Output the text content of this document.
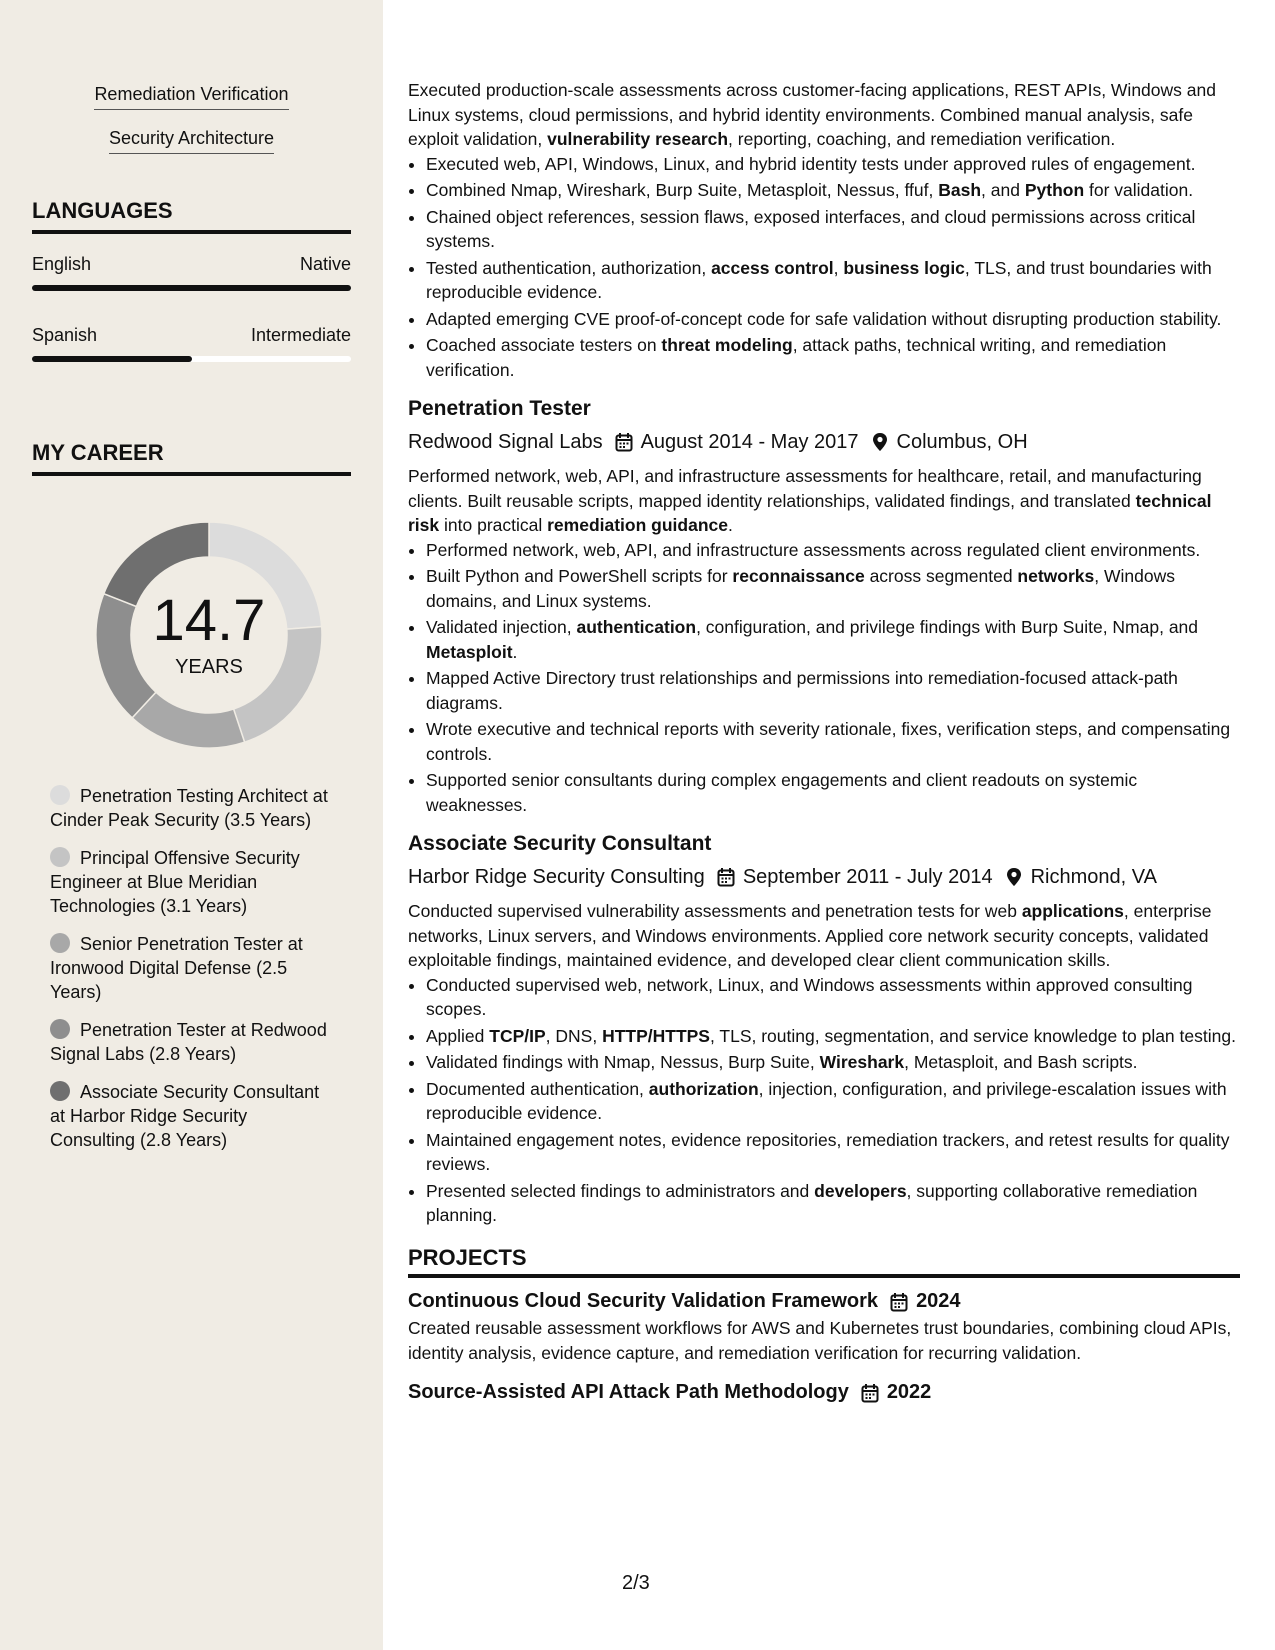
Remediation Verification
Security Architecture
LANGUAGES
English	Native
Spanish	Intermediate
MY CAREER
14.7
YEARS
Penetration Testing Architect at Cinder Peak Security (3.5 Years)
Principal Offensive Security Engineer at Blue Meridian Technologies (3.1 Years)
Senior Penetration Tester at Ironwood Digital Defense (2.5 Years)
Penetration Tester at Redwood Signal Labs (2.8 Years)
Associate Security Consultant at Harbor Ridge Security Consulting (2.8 Years)

Executed production-scale assessments across customer-facing applications, REST APIs, Windows and Linux systems, cloud permissions, and hybrid identity environments. Combined manual analysis, safe exploit validation, vulnerability research, reporting, coaching, and remediation verification.

• Executed web, API, Windows, Linux, and hybrid identity tests under approved rules of engagement.
• Combined Nmap, Wireshark, Burp Suite, Metasploit, Nessus, ffuf, Bash, and Python for validation.
• Chained object references, session flaws, exposed interfaces, and cloud permissions across critical systems.
• Tested authentication, authorization, access control, business logic, TLS, and trust boundaries with reproducible evidence.
• Adapted emerging CVE proof-of-concept code for safe validation without disrupting production stability.
• Coached associate testers on threat modeling, attack paths, technical writing, and remediation verification.
Penetration Tester
Redwood Signal Labs August 2014 - May 2017 Columbus, OH

Performed network, web, API, and infrastructure assessments for healthcare, retail, and manufacturing clients. Built reusable scripts, mapped identity relationships, validated findings, and translated technical risk into practical remediation guidance.

• Performed network, web, API, and infrastructure assessments across regulated client environments.
• Built Python and PowerShell scripts for reconnaissance across segmented networks, Windows domains, and Linux systems.
• Validated injection, authentication, configuration, and privilege findings with Burp Suite, Nmap, and Metasploit.
• Mapped Active Directory trust relationships and permissions into remediation-focused attack-path diagrams.
• Wrote executive and technical reports with severity rationale, fixes, verification steps, and compensating controls.
• Supported senior consultants during complex engagements and client readouts on systemic weaknesses.
Associate Security Consultant
Harbor Ridge Security Consulting September 2011 - July 2014 Richmond, VA

Conducted supervised vulnerability assessments and penetration tests for web applications, enterprise networks, Linux servers, and Windows environments. Applied core network security concepts, validated exploitable findings, maintained evidence, and developed clear client communication skills.

• Conducted supervised web, network, Linux, and Windows assessments within approved consulting scopes.
• Applied TCP/IP, DNS, HTTP/HTTPS, TLS, routing, segmentation, and service knowledge to plan testing.
• Validated findings with Nmap, Nessus, Burp Suite, Wireshark, Metasploit, and Bash scripts.
• Documented authentication, authorization, injection, configuration, and privilege-escalation issues with reproducible evidence.
• Maintained engagement notes, evidence repositories, remediation trackers, and retest results for quality reviews.
• Presented selected findings to administrators and developers, supporting collaborative remediation planning.
PROJECTS
Continuous Cloud Security Validation Framework 2024

Created reusable assessment workflows for AWS and Kubernetes trust boundaries, combining cloud APIs, identity analysis, evidence capture, and remediation verification for recurring validation.

Source-Assisted API Attack Path Methodology 2022
2/3
